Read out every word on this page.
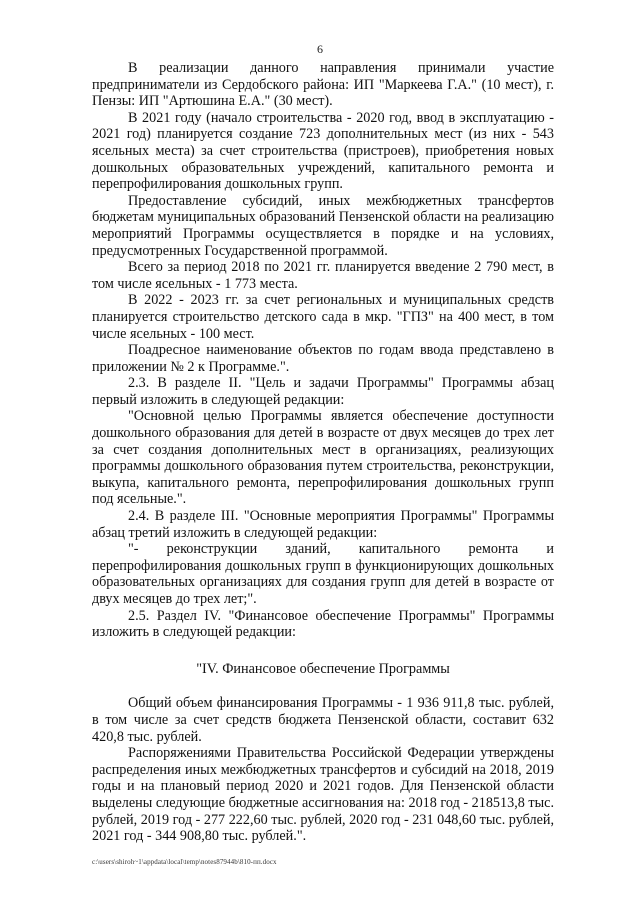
6

В реализации данного направления принимали участие предприниматели из Сердобского района: ИП "Маркеева Г.А." (10 мест), г. Пензы: ИП "Артюшина Е.А." (30 мест).

В 2021 году (начало строительства - 2020 год, ввод в эксплуатацию - 2021 год) планируется создание 723 дополнительных мест (из них - 543 ясельных места) за счет строительства (пристроев), приобретения новых дошкольных образовательных учреждений, капитального ремонта и перепрофилирования дошкольных групп.

Предоставление субсидий, иных межбюджетных трансфертов бюджетам муниципальных образований Пензенской области на реализацию мероприятий Программы осуществляется в порядке и на условиях, предусмотренных Государственной программой.

Всего за период 2018 по 2021 гг. планируется введение 2 790 мест, в том числе ясельных - 1 773 места.

В 2022 - 2023 гг. за счет региональных и муниципальных средств планируется строительство детского сада в мкр. "ГПЗ" на 400 мест, в том числе ясельных - 100 мест.

Поадресное наименование объектов по годам ввода представлено в приложении № 2 к Программе.".

2.3. В разделе II. "Цель и задачи Программы" Программы абзац первый изложить в следующей редакции:

"Основной целью Программы является обеспечение доступности дошкольного образования для детей в возрасте от двух месяцев до трех лет за счет создания дополнительных мест в организациях, реализующих программы дошкольного образования путем строительства, реконструкции, выкупа, капитального ремонта, перепрофилирования дошкольных групп под ясельные.".

2.4. В разделе III. "Основные мероприятия Программы" Программы абзац третий изложить в следующей редакции:

"- реконструкции зданий, капитального ремонта и перепрофилирования дошкольных групп в функционирующих дошкольных образовательных организациях для создания групп для детей в возрасте от двух месяцев до трех лет;".

2.5. Раздел IV. "Финансовое обеспечение Программы" Программы изложить в следующей редакции:

"IV. Финансовое обеспечение Программы

Общий объем финансирования Программы - 1 936 911,8 тыс. рублей, в том числе за счет средств бюджета Пензенской области, составит 632 420,8 тыс. рублей.

Распоряжениями Правительства Российской Федерации утверждены распределения иных межбюджетных трансфертов и субсидий на 2018, 2019 годы и на плановый период 2020 и 2021 годов. Для Пензенской области выделены следующие бюджетные ассигнования на: 2018 год - 218513,8 тыс. рублей, 2019 год - 277 222,60 тыс. рублей, 2020 год - 231 048,60 тыс. рублей, 2021 год - 344 908,80 тыс. рублей.".

c:\users\shiroh~1\appdata\local\temp\notes87944b\810-пп.docx
